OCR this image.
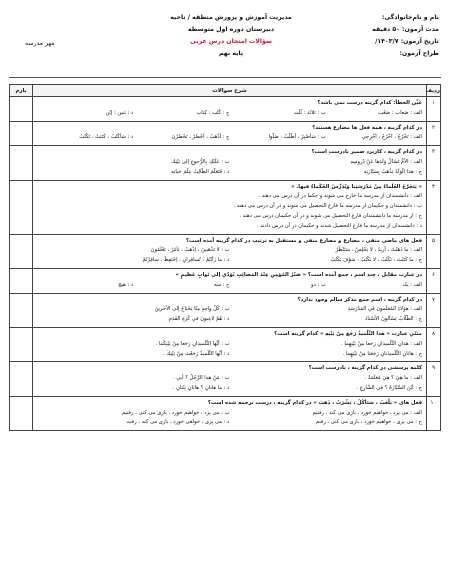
نام و نام‌خانوادگی:
مدت آزمون: ۵۰ دقیقه
تاریخ آزمون: ۱۴۰۳/۷/
طراح آزمون:
مدیریت آموزش و پرورش منطقه / ناحیه
دبیرستان دوره اول متوسطه
سؤالات امتحان درس عربی
پایه نهم
مهر مدرسه
ردیف
شرح سوالات
بارم
۱
عَیِّن الخطأ: کدام گزینه درست نمی باشد؟
الف : صَعاب : صَعْب
ب : ثلاثَة : ثُلْث
ج : کُتُب : کِتاب
د : بَنین : إبْن
۲
در کدام گزینه ، همه فعل ها مضارع هستند؟
الف : تَخْرُجُ ، أخْرُجُ ، أخْرِجي
ب : سَأصْبِرُ ، أطْلُبُ ، صَلُّوا
ج : أذْهَبُ ، أحْضُرُ ، تَحْضُرُنَ
د : سَأکْتُبُ ، کَتَبَتْ ، تَکْتُبُ
۳
در کدام گزینه ، کاربرد ضمیر نادرست است؟
الف : الأُمُّ تَسْأَلُ وَلَدَها عَنْ دُروسِهِ
ب : عَلَيْكِ بِالرُّجوعِ إلى بَيْتِك
ج : هذا الْوَلَدُ يَذْهَبُ بِسَيّارَتِه
د : فَتَعَلَّمَ الطّالِبُ عِلْمَ حَياتِه
۴
« يَتَخَرَّجُ العُلَماءُ مِنْ مَدْرَسَتِنا وَيُدَرِّسُ الحُكَماءُ فيها. »
الف : دانشمندان از مدرسه ما خارج می شوند و حکما در آن درس می دهند .
ب : دانشمندان و حکیمان از مدرسه ما فارغ التحصیل می شوند و در آن درس می دهند .
ج : از مدرسه ما دانشمندان فارغ التحصیل می شوند و در آن حکیمان درس می دهند .
د : دانشمندان از مدرسه ما فارغ التحصیل شدند و حکیمان در آن درس دادند .
۵
فعل های ماضی منفی ، مضارع و مضارع منفی و مستقبل به ترتیب در کدام گزینه آمده است؟
الف : ما ذَهَبْتُ ، أُريدُ ، لا يَجْلِسُ ، سَتَنْظُرُ
ب : لا تَذْهَبينَ ، اِذْهَبْ ، يَأمُرُ ، تَعْلَمُونَ
ج : ما كَتَبْتَ ، نَكْتُبُ ، لا نَكْتُبُ ، سَوْفَ نَكْتُبُ
د : ما رَأَيْتُمْ ، تُسافِرانِ ، اِحْتَفِظْ ، سافِرْتُمْ
۶
در عبارت مقابل ، چند اسم ، جمع آمده است؟ « صَبْرُ المُؤمِنِ عِنْدَ المَصائِبِ يُؤدّي إلى ثَوابٍ عَظيمٍ »
الف : یک
ب : دو
ج : سه
د : هیچ
۷
در کدام گزینه ، اسم جمع مذکر سالم وجود ندارد؟
الف : هؤلاءِ المُعَلِّمونَ في المَدْرَسَةِ
ب : كُلُّ واحِدٍ مِنّا يَحْتاجُ إلى الآخَرينَ
ج : الطُّلّابُ يَسْأَلونَ الأُسْتاذَ
د : هُمْ لاعِبونَ في كُرَةِ القَدَمِ
۸
مثنّیِ عبارت « هذا التِّلْميذُ رَجَعَ مِنْ بَيْتِهِ » کدام گزینه است؟
الف : هذانِ التِّلْميذانِ رَجَعا مِنْ بَيْتِهِما .
ب : أيُّها التِّلْميذانِ رَجَعا مِنْ بَيْتِكُما .
ج : هاتانِ التِّلْميذَتانِ رَجَعَتا مِنْ بَيْتِهِما .
د : أيُّها التِّلْميذُ رَجَعْتَ مِنْ بَيْتِكَ .
۹
کلمه پرسشی در کدام گزینه ، نادرست است؟
الف : ما هِيَ ؟ هِيَ مُعَلِّمَةٌ .
ب : مَنْ هذا الرَّجُلُ ؟ أَبي .
ج : أيْنَ السَّيّارَةُ ؟ في الشّارِعِ .
د : ما هاتانِ ؟ هاتانِ بِنْتانِ .
۱۰
فعل های « يَلْعَبُ ، سَتَأكُلُ ، يَشْرَبُ ، ذَهَبَ » در کدام گزینه ، درست ترجمه شده است؟
الف : می پزد ، خواهیم خورد ، بازی می کند ، رفتیم
ب : می پزد ، خواهیم خورد ، بازی می کنی ، رفتیم
ج : می پزی ، خواهیم خورد ، بازی می کنی ، رفتم
د : می پزی ، خواهی خورد ، بازی می کند ، رفت
